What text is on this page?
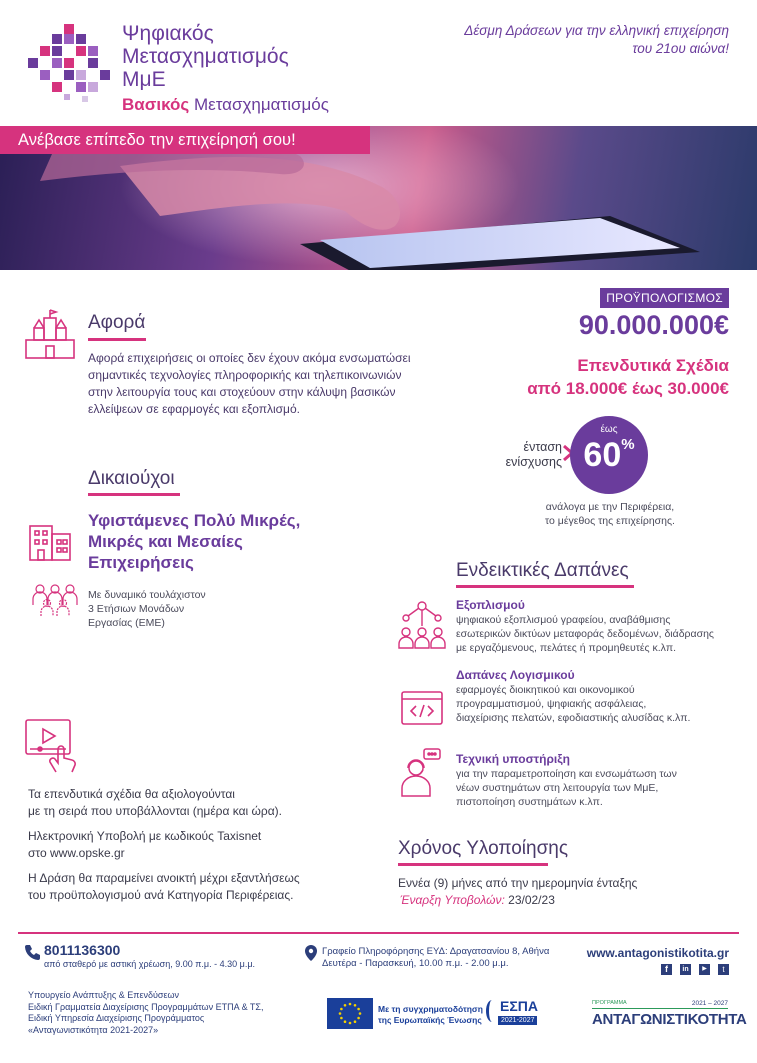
Ψηφιακός
Μετασχηματισμός
ΜμΕ
Βασικός Μετασχηματισμός
Δέσμη Δράσεων για την ελληνική επιχείρηση
του 21ου αιώνα!
Ανέβασε επίπεδο την επιχείρησή σου!
Αφορά
Αφορά επιχειρήσεις οι οποίες δεν έχουν ακόμα ενσωματώσει σημαντικές τεχνολογίες πληροφορικής και τηλεπικοινωνιών στην λειτουργία τους και στοχεύουν στην κάλυψη βασικών ελλείψεων σε εφαρμογές και εξοπλισμό.
Δικαιούχοι
Υφιστάμενες Πολύ Μικρές,
Μικρές και Μεσαίες
Επιχειρήσεις
Με δυναμικό τουλάχιστον
3 Ετήσιων Μονάδων
Εργασίας (ΕΜΕ)
ΠΡΟΫΠΟΛΟΓΙΣΜΟΣ
90.000.000€
Επενδυτικά Σχέδια
από 18.000€ έως 30.000€
ένταση
ενίσχυσης
έως
60%
ανάλογα με την Περιφέρεια,
το μέγεθος της επιχείρησης.
Ενδεικτικές Δαπάνες
Εξοπλισμού
ψηφιακού εξοπλισμού γραφείου, αναβάθμισης
εσωτερικών δικτύων μεταφοράς δεδομένων, διάδρασης
με εργαζόμενους, πελάτες ή προμηθευτές κ.λπ.
Δαπάνες Λογισμικού
εφαρμογές διοικητικού και οικονομικού
προγραμματισμού, ψηφιακής ασφάλειας,
διαχείρισης πελατών, εφοδιαστικής αλυσίδας κ.λπ.
Τεχνική υποστήριξη
για την παραμετροποίηση και ενσωμάτωση των
νέων συστημάτων στη λειτουργία των ΜμΕ,
πιστοποίηση συστημάτων κ.λπ.
Τα επενδυτικά σχέδια θα αξιολογούνται
με τη σειρά που υποβάλλονται (ημέρα και ώρα).
Ηλεκτρονική Υποβολή με κωδικούς Taxisnet
στο www.opske.gr
Η Δράση θα παραμείνει ανοικτή μέχρι εξαντλήσεως
του προϋπολογισμού ανά Κατηγορία Περιφέρειας.
Χρόνος Υλοποίησης
Εννέα (9) μήνες από την ημερομηνία ένταξης
Έναρξη Υποβολών: 23/02/23
8011136300
από σταθερό με αστική χρέωση, 9.00 π.μ. - 4.30 μ.μ.
Γραφείο Πληροφόρησης ΕΥΔ: Δραγατσανίου 8, Αθήνα
Δευτέρα - Παρασκευή, 10.00 π.μ. - 2.00 μ.μ.
www.antagonistikotita.gr
f	in	▶	t
Υπουργείο Ανάπτυξης & Επενδύσεων
Ειδική Γραμματεία Διαχείρισης Προγραμμάτων ΕΤΠΑ & ΤΣ,
Ειδική Υπηρεσία Διαχείρισης Προγράμματος
«Ανταγωνιστικότητα 2021-2027»
Με τη συγχρηματοδότηση
της Ευρωπαϊκής Ένωσης
ΕΣΠΑ
2021-2027
ΠΡΟΓΡΑΜΜΑ	2021 – 2027
ΑΝΤΑΓΩΝΙΣΤΙΚΟΤΗΤΑ
